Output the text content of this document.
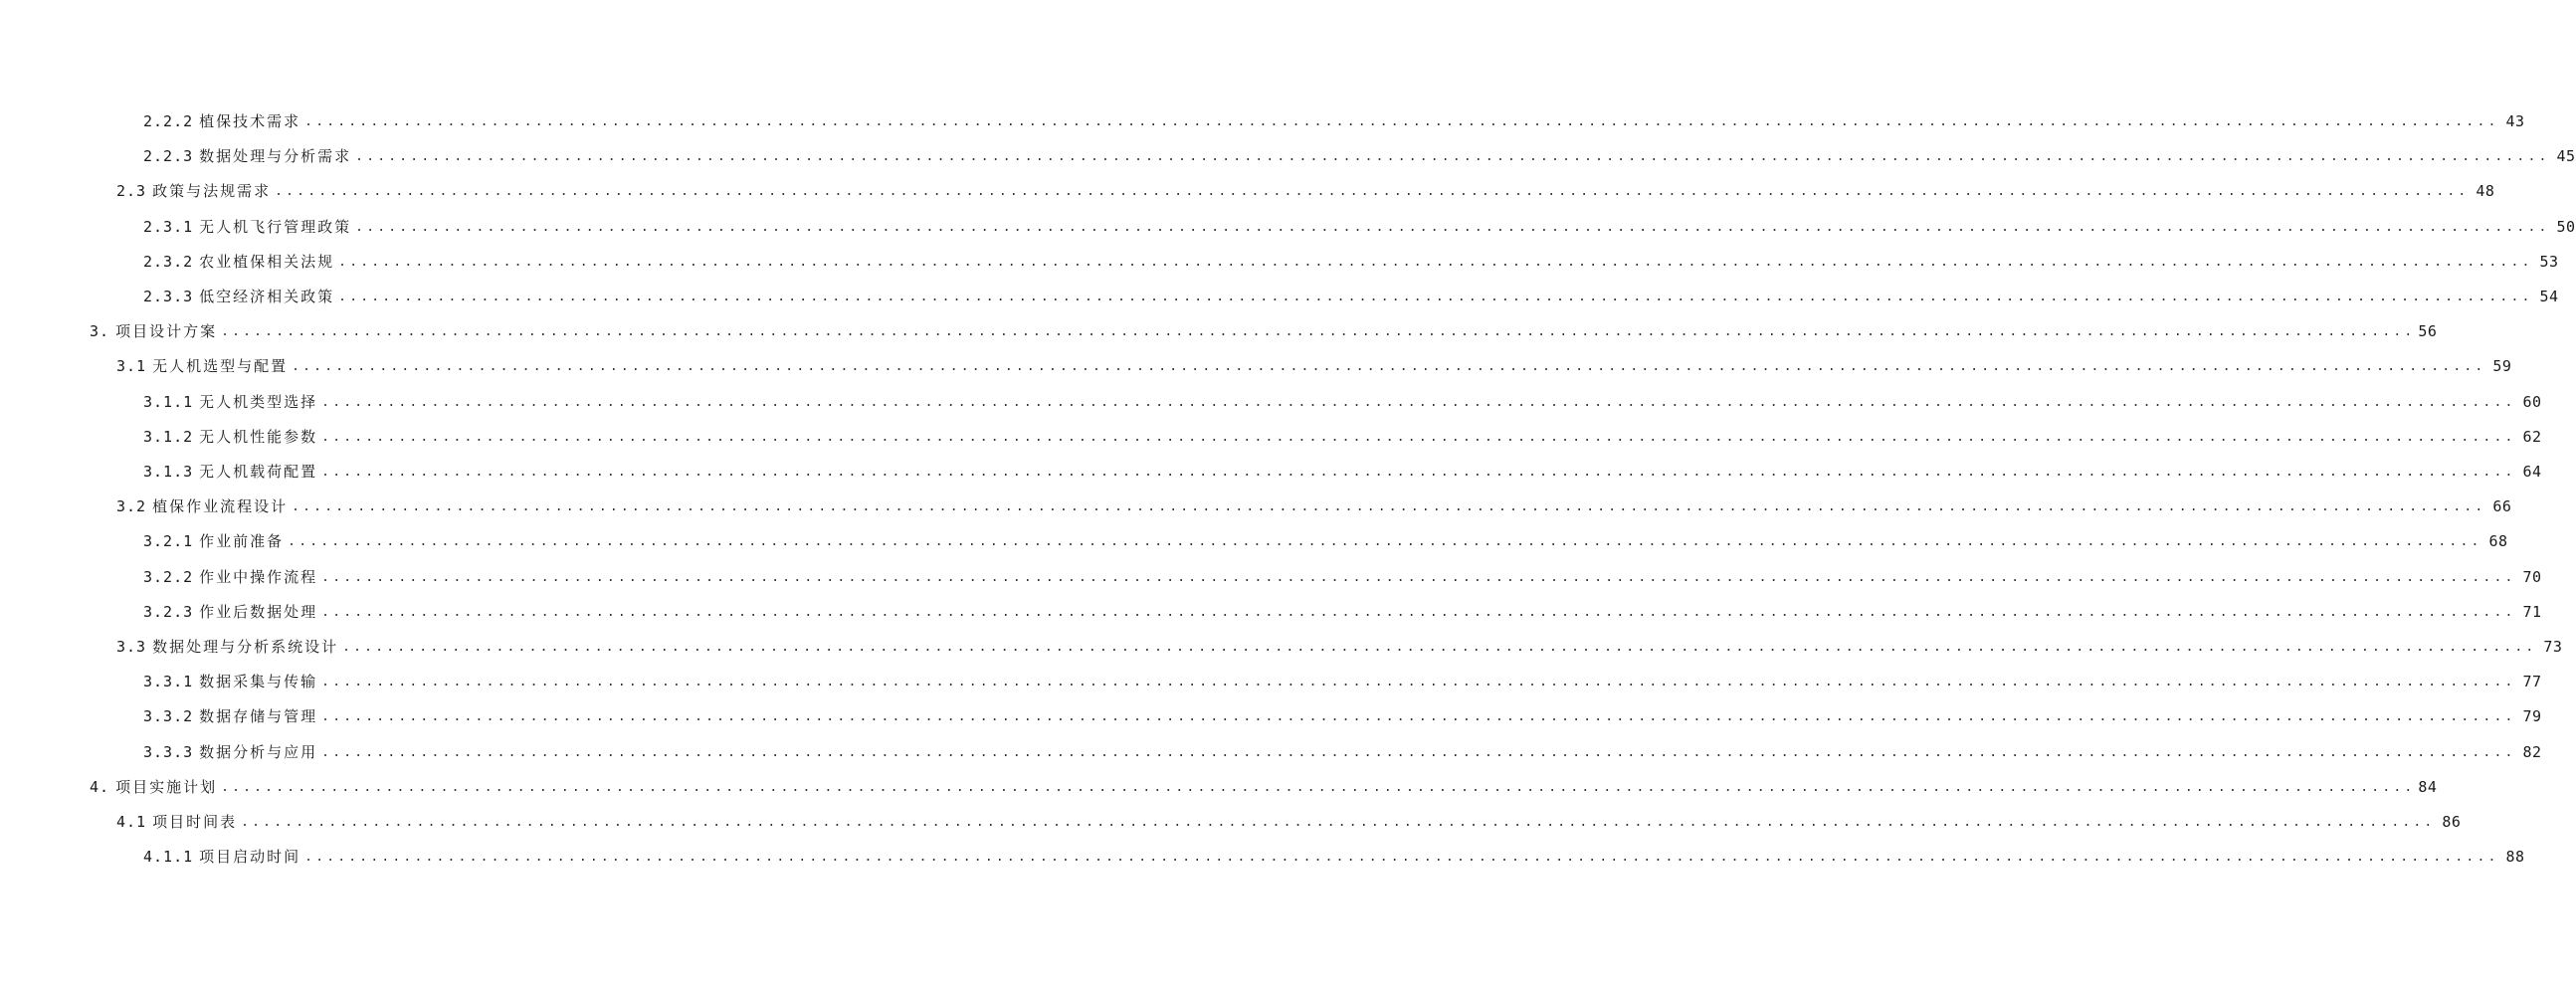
2.2.2 植保技术需求 ........................................................................................................................................................................................................ 43
2.2.3 数据处理与分析需求 ........................................................................................................................................................................................................ 45
2.3 政策与法规需求 ........................................................................................................................................................................................................ 48
2.3.1 无人机飞行管理政策 ........................................................................................................................................................................................................ 50
2.3.2 农业植保相关法规 ........................................................................................................................................................................................................ 53
2.3.3 低空经济相关政策 ........................................................................................................................................................................................................ 54
3. 项目设计方案 ........................................................................................................................................................................................................ 56
3.1 无人机选型与配置 ........................................................................................................................................................................................................ 59
3.1.1 无人机类型选择 ........................................................................................................................................................................................................ 60
3.1.2 无人机性能参数 ........................................................................................................................................................................................................ 62
3.1.3 无人机载荷配置 ........................................................................................................................................................................................................ 64
3.2 植保作业流程设计 ........................................................................................................................................................................................................ 66
3.2.1 作业前准备 ........................................................................................................................................................................................................ 68
3.2.2 作业中操作流程 ........................................................................................................................................................................................................ 70
3.2.3 作业后数据处理 ........................................................................................................................................................................................................ 71
3.3 数据处理与分析系统设计 ........................................................................................................................................................................................................ 73
3.3.1 数据采集与传输 ........................................................................................................................................................................................................ 77
3.3.2 数据存储与管理 ........................................................................................................................................................................................................ 79
3.3.3 数据分析与应用 ........................................................................................................................................................................................................ 82
4. 项目实施计划 ........................................................................................................................................................................................................ 84
4.1 项目时间表 ........................................................................................................................................................................................................ 86
4.1.1 项目启动时间 ........................................................................................................................................................................................................ 88
